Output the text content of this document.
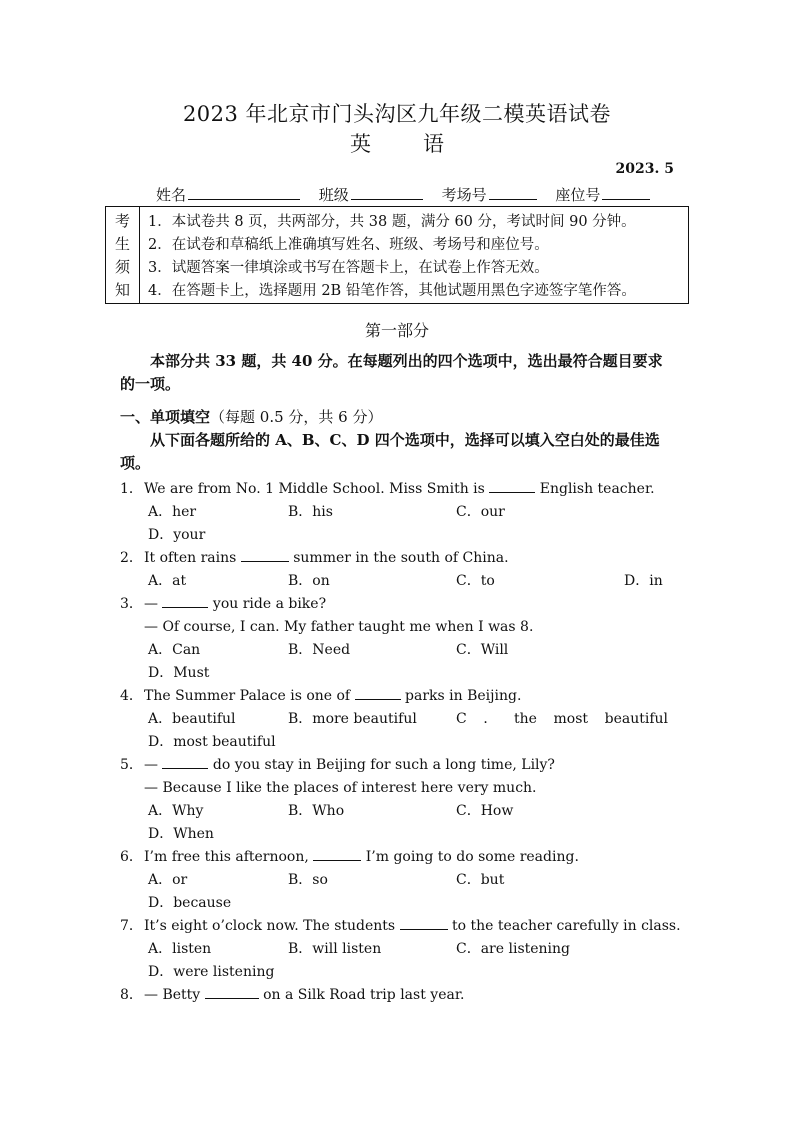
2023 年北京市门头沟区九年级二模英语试卷
英 语
2023. 5
姓名	班级	考场号	座位号
考
生
须
知
1．本试卷共 8 页，共两部分，共 38 题，满分 60 分，考试时间 90 分钟。
2．在试卷和草稿纸上准确填写姓名、班级、考场号和座位号。
3．试题答案一律填涂或书写在答题卡上，在试卷上作答无效。
4．在答题卡上，选择题用 2B 铅笔作答，其他试题用黑色字迹签字笔作答。
第一部分
本部分共 33 题，共 40 分。在每题列出的四个选项中，选出最符合题目要求的一项。
一、单项填空（每题 0.5 分，共 6 分）
从下面各题所给的 A、B、C、D 四个选项中，选择可以填入空白处的最佳选项。
1．We are from No. 1 Middle School. Miss Smith is	English teacher.
A．her	B．his	C．our
D．your
2．It often rains	summer in the south of China.
A．at	B．on	C．to	D．in
3．—	you ride a bike?
— Of course, I can. My father taught me when I was 8.
A．Can	B．Need	C．Will
D．Must
4．The Summer Palace is one of	parks in Beijing.
A．beautiful	B．more beautiful	C ． the most beautiful
D．most beautiful
5．—	do you stay in Beijing for such a long time, Lily?
— Because I like the places of interest here very much.
A．Why	B．Who	C．How
D．When
6．I’m free this afternoon,	I’m going to do some reading.
A．or	B．so	C．but
D．because
7．It’s eight o’clock now. The students	to the teacher carefully in class.
A．listen	B．will listen	C．are listening
D．were listening
8．— Betty	on a Silk Road trip last year.
